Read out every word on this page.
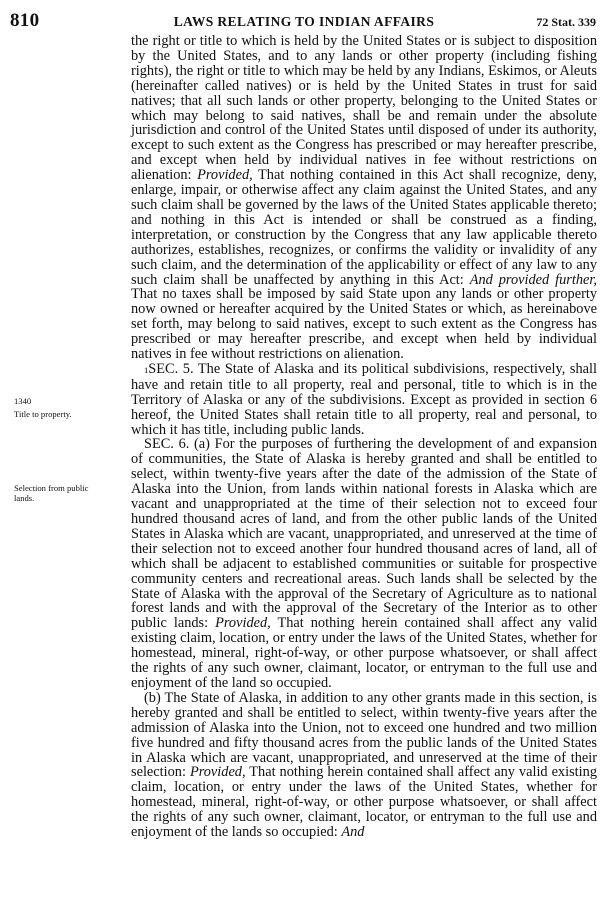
810	LAWS RELATING TO INDIAN AFFAIRS	72 Stat. 339
1340
Title to property.
Selection from public lands.

the right or title to which is held by the United States or is subject to disposition by the United States, and to any lands or other property (including fishing rights), the right or title to which may be held by any Indians, Eskimos, or Aleuts (hereinafter called natives) or is held by the United States in trust for said natives; that all such lands or other property, belonging to the United States or which may belong to said natives, shall be and remain under the absolute jurisdiction and control of the United States until disposed of under its authority, except to such extent as the Congress has prescribed or may hereafter prescribe, and except when held by individual natives in fee without restrictions on alienation: Provided, That nothing contained in this Act shall recognize, deny, enlarge, impair, or otherwise affect any claim against the United States, and any such claim shall be governed by the laws of the United States applicable thereto; and nothing in this Act is intended or shall be construed as a finding, interpretation, or construction by the Congress that any law applicable thereto authorizes, establishes, recognizes, or confirms the validity or invalidity of any such claim, and the determination of the applicability or effect of any law to any such claim shall be unaffected by anything in this Act: And provided further, That no taxes shall be imposed by said State upon any lands or other property now owned or hereafter acquired by the United States or which, as hereinabove set forth, may belong to said natives, except to such extent as the Congress has prescribed or may hereafter prescribe, and except when held by individual natives in fee without restrictions on alienation.

1SEC. 5. The State of Alaska and its political subdivisions, respectively, shall have and retain title to all property, real and personal, title to which is in the Territory of Alaska or any of the subdivisions. Except as provided in section 6 hereof, the United States shall retain title to all property, real and personal, to which it has title, including public lands.

SEC. 6. (a) For the purposes of furthering the development of and expansion of communities, the State of Alaska is hereby granted and shall be entitled to select, within twenty-five years after the date of the admission of the State of Alaska into the Union, from lands within national forests in Alaska which are vacant and unappropriated at the time of their selection not to exceed four hundred thousand acres of land, and from the other public lands of the United States in Alaska which are vacant, unappropriated, and unreserved at the time of their selection not to exceed another four hundred thousand acres of land, all of which shall be adjacent to established communities or suitable for prospective community centers and recreational areas. Such lands shall be selected by the State of Alaska with the approval of the Secretary of Agriculture as to national forest lands and with the approval of the Secretary of the Interior as to other public lands: Provided, That nothing herein contained shall affect any valid existing claim, location, or entry under the laws of the United States, whether for homestead, mineral, right-of-way, or other purpose whatsoever, or shall affect the rights of any such owner, claimant, locator, or entryman to the full use and enjoyment of the land so occupied.

(b) The State of Alaska, in addition to any other grants made in this section, is hereby granted and shall be entitled to select, within twenty-five years after the admission of Alaska into the Union, not to exceed one hundred and two million five hundred and fifty thousand acres from the public lands of the United States in Alaska which are vacant, unappropriated, and unreserved at the time of their selection: Provided, That nothing herein contained shall affect any valid existing claim, location, or entry under the laws of the United States, whether for homestead, mineral, right-of-way, or other purpose whatsoever, or shall affect the rights of any such owner, claimant, locator, or entryman to the full use and enjoyment of the lands so occupied: And
